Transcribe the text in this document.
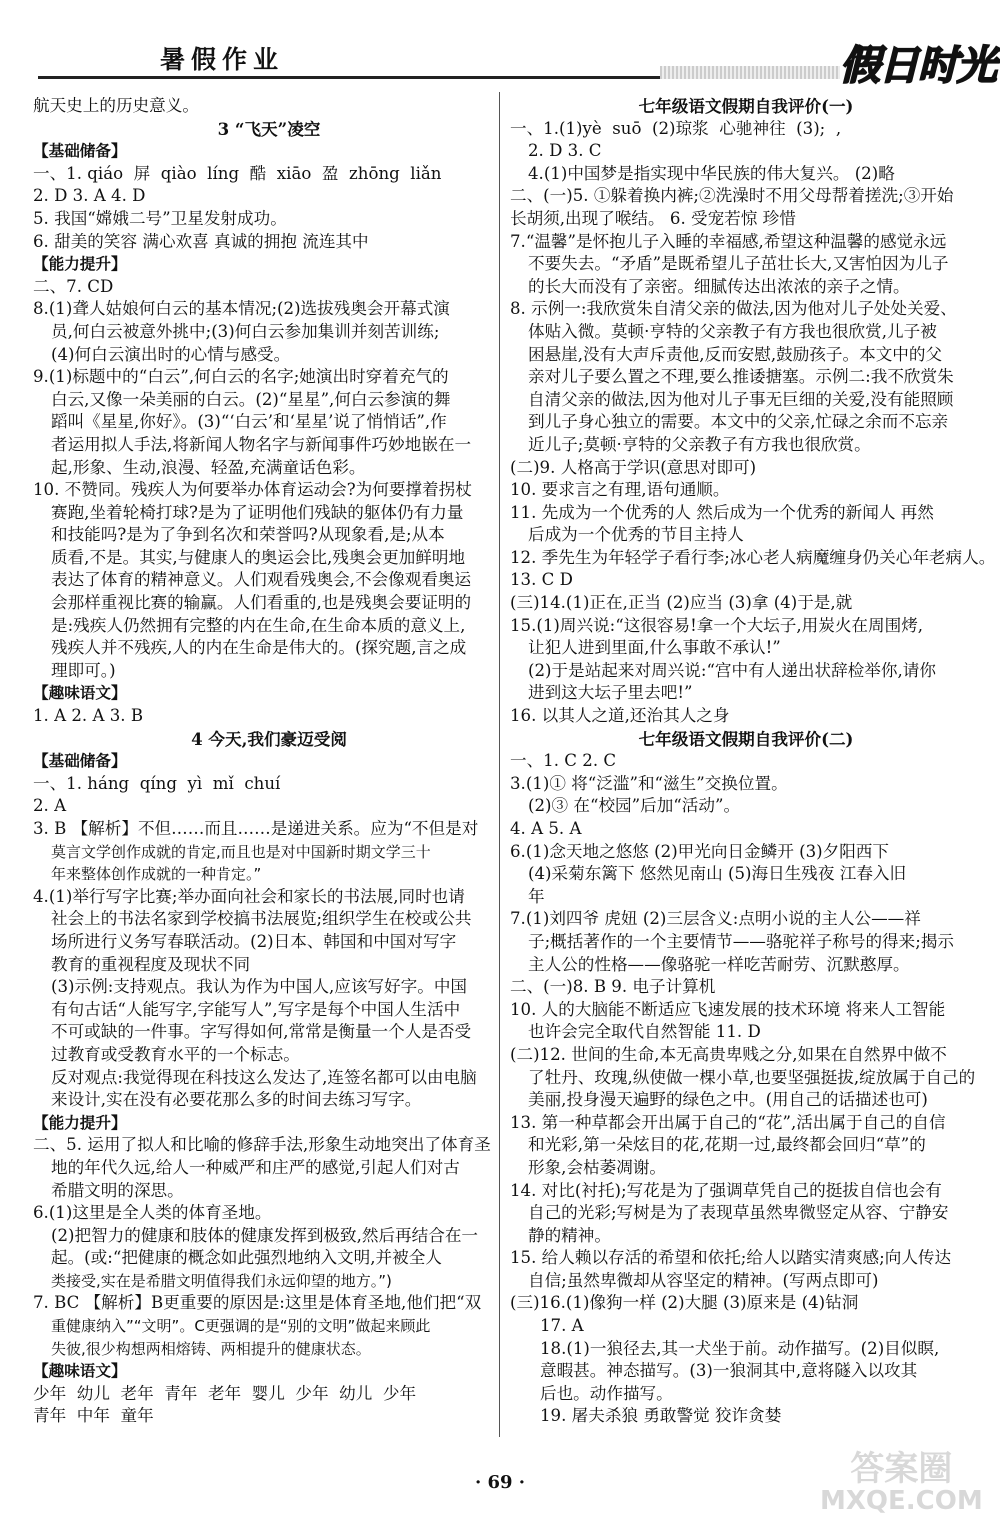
暑假作业	假日时光
航天史上的历史意义。
3 “飞天”凌空
【基础储备】
一、1. qiáo  屏  qiào  líng  酷  xiāo  盈  zhōng  liǎn
2. D 3. A 4. D
5. 我国“嫦娥二号”卫星发射成功。
6. 甜美的笑容 满心欢喜 真诚的拥抱 流连其中
【能力提升】
二、7. CD
8.(1)聋人姑娘何白云的基本情况;(2)选拔残奥会开幕式演
员,何白云被意外挑中;(3)何白云参加集训并刻苦训练;
(4)何白云演出时的心情与感受。
9.(1)标题中的“白云”,何白云的名字;她演出时穿着充气的
白云,又像一朵美丽的白云。(2)“星星”,何白云参演的舞
蹈叫《星星,你好》。(3)“‘白云’和‘星星’说了悄悄话”,作
者运用拟人手法,将新闻人物名字与新闻事件巧妙地嵌在一
起,形象、生动,浪漫、轻盈,充满童话色彩。
10. 不赞同。残疾人为何要举办体育运动会?为何要撑着拐杖
赛跑,坐着轮椅打球?是为了证明他们残缺的躯体仍有力量
和技能吗?是为了争到名次和荣誉吗?从现象看,是;从本
质看,不是。其实,与健康人的奥运会比,残奥会更加鲜明地
表达了体育的精神意义。人们观看残奥会,不会像观看奥运
会那样重视比赛的输赢。人们看重的,也是残奥会要证明的
是:残疾人仍然拥有完整的内在生命,在生命本质的意义上,
残疾人并不残疾,人的内在生命是伟大的。(探究题,言之成
理即可。)
【趣味语文】
1. A 2. A 3. B
4 今天,我们豪迈受阅
【基础储备】
一、1. háng  qíng  yì  mǐ  chuí
2. A
3. B 【解析】不但……而且……是递进关系。应为“不但是对
莫言文学创作成就的肯定,而且也是对中国新时期文学三十
年来整体创作成就的一种肯定。”
4.(1)举行写字比赛;举办面向社会和家长的书法展,同时也请
社会上的书法名家到学校搞书法展览;组织学生在校或公共
场所进行义务写春联活动。(2)日本、韩国和中国对写字
教育的重视程度及现状不同
(3)示例:支持观点。我认为作为中国人,应该写好字。中国
有句古话“人能写字,字能写人”,写字是每个中国人生活中
不可或缺的一件事。字写得如何,常常是衡量一个人是否受
过教育或受教育水平的一个标志。
反对观点:我觉得现在科技这么发达了,连签名都可以由电脑
来设计,实在没有必要花那么多的时间去练习写字。
【能力提升】
二、5. 运用了拟人和比喻的修辞手法,形象生动地突出了体育圣
地的年代久远,给人一种威严和庄严的感觉,引起人们对古
希腊文明的深思。
6.(1)这里是全人类的体育圣地。
(2)把智力的健康和肢体的健康发挥到极致,然后再结合在一
起。(或:“把健康的概念如此强烈地纳入文明,并被全人
类接受,实在是希腊文明值得我们永远仰望的地方。”)
7. BC 【解析】B更重要的原因是:这里是体育圣地,他们把“双
重健康纳入”“文明”。C更强调的是“别的文明”做起来顾此
失彼,很少构想两相熔铸、两相提升的健康状态。
【趣味语文】
少年  幼儿  老年  青年  老年  婴儿  少年  幼儿  少年
青年  中年  童年
七年级语文假期自我评价(一)
一、1.(1)yè  suō  (2)琼浆  心驰神往  (3);  ,
2. D 3. C
4.(1)中国梦是指实现中华民族的伟大复兴。 (2)略
二、(一)5. ①躲着换内裤;②洗澡时不用父母帮着搓洗;③开始
长胡须,出现了喉结。 6. 受宠若惊 珍惜
7.“温馨”是怀抱儿子入睡的幸福感,希望这种温馨的感觉永远
不要失去。“矛盾”是既希望儿子茁壮长大,又害怕因为儿子
的长大而没有了亲密。细腻传达出浓浓的亲子之情。
8. 示例一:我欣赏朱自清父亲的做法,因为他对儿子处处关爱、
体贴入微。莫顿·亨特的父亲教子有方我也很欣赏,儿子被
困悬崖,没有大声斥责他,反而安慰,鼓励孩子。本文中的父
亲对儿子要么置之不理,要么推诿搪塞。示例二:我不欣赏朱
自清父亲的做法,因为他对儿子事无巨细的关爱,没有能照顾
到儿子身心独立的需要。本文中的父亲,忙碌之余而不忘亲
近儿子;莫顿·亨特的父亲教子有方我也很欣赏。
(二)9. 人格高于学识(意思对即可)
10. 要求言之有理,语句通顺。
11. 先成为一个优秀的人 然后成为一个优秀的新闻人 再然
后成为一个优秀的节目主持人
12. 季先生为年轻学子看行李;冰心老人病魔缠身仍关心年老病人。
13. C D
(三)14.(1)正在,正当 (2)应当 (3)拿 (4)于是,就
15.(1)周兴说:“这很容易!拿一个大坛子,用炭火在周围烤,
让犯人进到里面,什么事敢不承认!”
(2)于是站起来对周兴说:“宫中有人递出状辞检举你,请你
进到这大坛子里去吧!”
16. 以其人之道,还治其人之身
七年级语文假期自我评价(二)
一、1. C 2. C
3.(1)① 将“泛滥”和“滋生”交换位置。
(2)③ 在“校园”后加“活动”。
4. A 5. A
6.(1)念天地之悠悠 (2)甲光向日金鳞开 (3)夕阳西下
(4)采菊东篱下 悠然见南山 (5)海日生残夜 江春入旧
年
7.(1)刘四爷 虎妞 (2)三层含义:点明小说的主人公——祥
子;概括著作的一个主要情节——骆驼祥子称号的得来;揭示
主人公的性格——像骆驼一样吃苦耐劳、沉默憨厚。
二、(一)8. B 9. 电子计算机
10. 人的大脑能不断适应飞速发展的技术环境 将来人工智能
也许会完全取代自然智能 11. D
(二)12. 世间的生命,本无高贵卑贱之分,如果在自然界中做不
了牡丹、玫瑰,纵使做一棵小草,也要坚强挺拔,绽放属于自己的
美丽,投身漫天遍野的绿色之中。(用自己的话描述也可)
13. 第一种草都会开出属于自己的“花”,活出属于自己的自信
和光彩,第一朵炫目的花,花期一过,最终都会回归“草”的
形象,会枯萎凋谢。
14. 对比(衬托);写花是为了强调草凭自己的挺拔自信也会有
自己的光彩;写树是为了表现草虽然卑微竖定从容、宁静安
静的精神。
15. 给人赖以存活的希望和依托;给人以踏实清爽感;向人传达
自信;虽然卑微却从容坚定的精神。(写两点即可)
(三)16.(1)像狗一样 (2)大腿 (3)原来是 (4)钻洞
17. A
18.(1)一狼径去,其一犬坐于前。动作描写。(2)目似瞑,
意暇甚。神态描写。(3)一狼洞其中,意将隧入以攻其
后也。动作描写。
19. 屠夫杀狼 勇敢警觉 狡诈贪婪
· 69 ·	答案圈
MXQE.COM
